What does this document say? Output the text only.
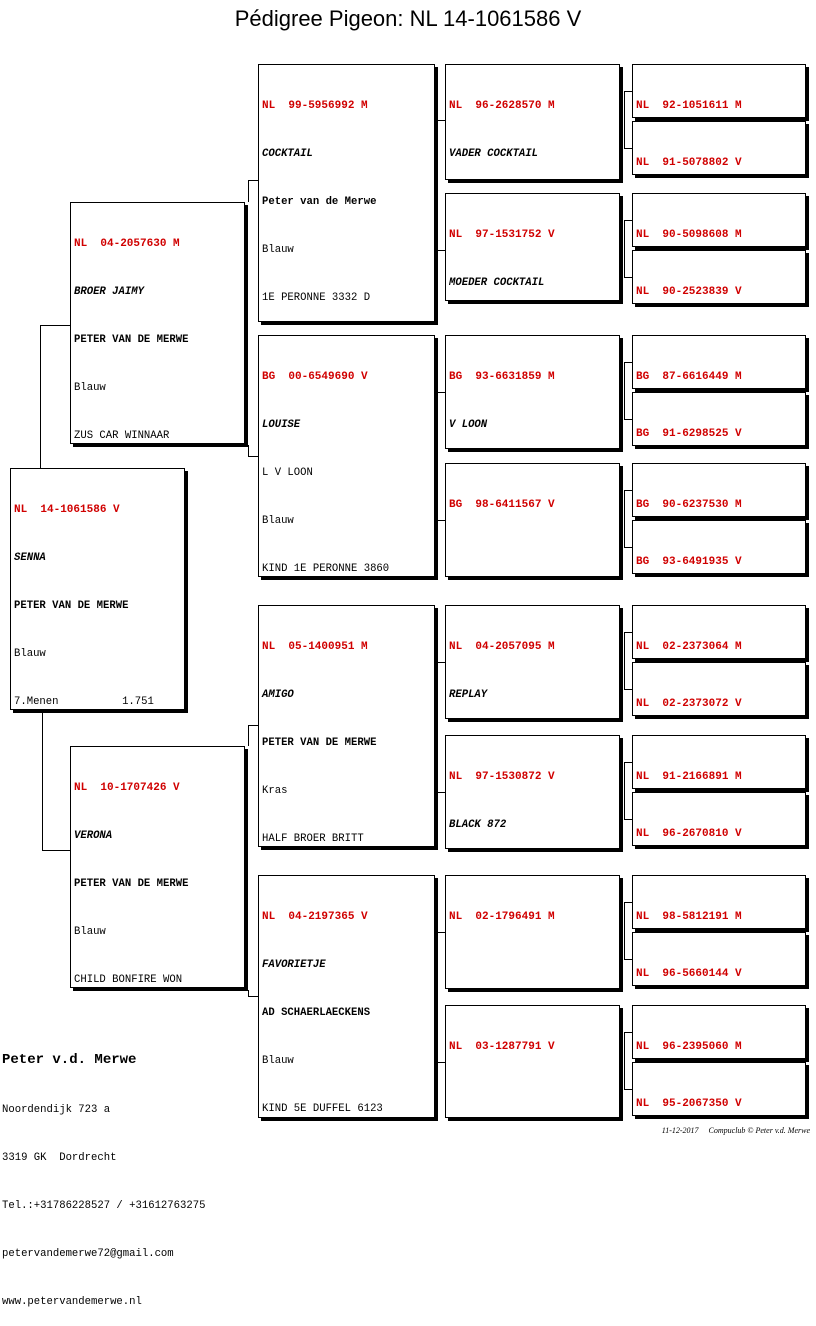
Pédigree Pigeon: NL 14-1061586 V

NL  14-1061586 V

SENNA

PETER VAN DE MERWE

Blauw

7.Menen          1.751

NL  04-2057630 M

BROER JAIMY

PETER VAN DE MERWE

Blauw

ZUS CAR WINNAAR

NL  10-1707426 V

VERONA

PETER VAN DE MERWE

Blauw

CHILD BONFIRE WON

NL  99-5956992 M

COCKTAIL

Peter van de Merwe

Blauw

1E PERONNE 3332 D

BG  00-6549690 V

LOUISE

L V LOON

Blauw

KIND 1E PERONNE 3860

NL  05-1400951 M

AMIGO

PETER VAN DE MERWE

Kras

HALF BROER BRITT

NL  04-2197365 V

FAVORIETJE

AD SCHAERLAECKENS

Blauw

KIND 5E DUFFEL 6123

NL  96-2628570 M

VADER COCKTAIL

NL  97-1531752 V

MOEDER COCKTAIL

BG  93-6631859 M

V LOON

BG  98-6411567 V

NL  04-2057095 M

REPLAY

NL  97-1530872 V

BLACK 872

NL  02-1796491 M

NL  03-1287791 V

NL  92-1051611 M

NL  91-5078802 V

NL  90-5098608 M

NL  90-2523839 V

BG  87-6616449 M

BG  91-6298525 V

BG  90-6237530 M

BG  93-6491935 V

NL  02-2373064 M

NL  02-2373072 V

NL  91-2166891 M

NL  96-2670810 V

NL  98-5812191 M

NL  96-5660144 V

NL  96-2395060 M

NL  95-2067350 V

Peter v.d. Merwe

Noordendijk 723 a

3319 GK  Dordrecht

Tel.:+31786228527 / +31612763275

petervandemerwe72@gmail.com

www.petervandemerwe.nl

11-12-2017 Compuclub © Peter v.d. Merwe
